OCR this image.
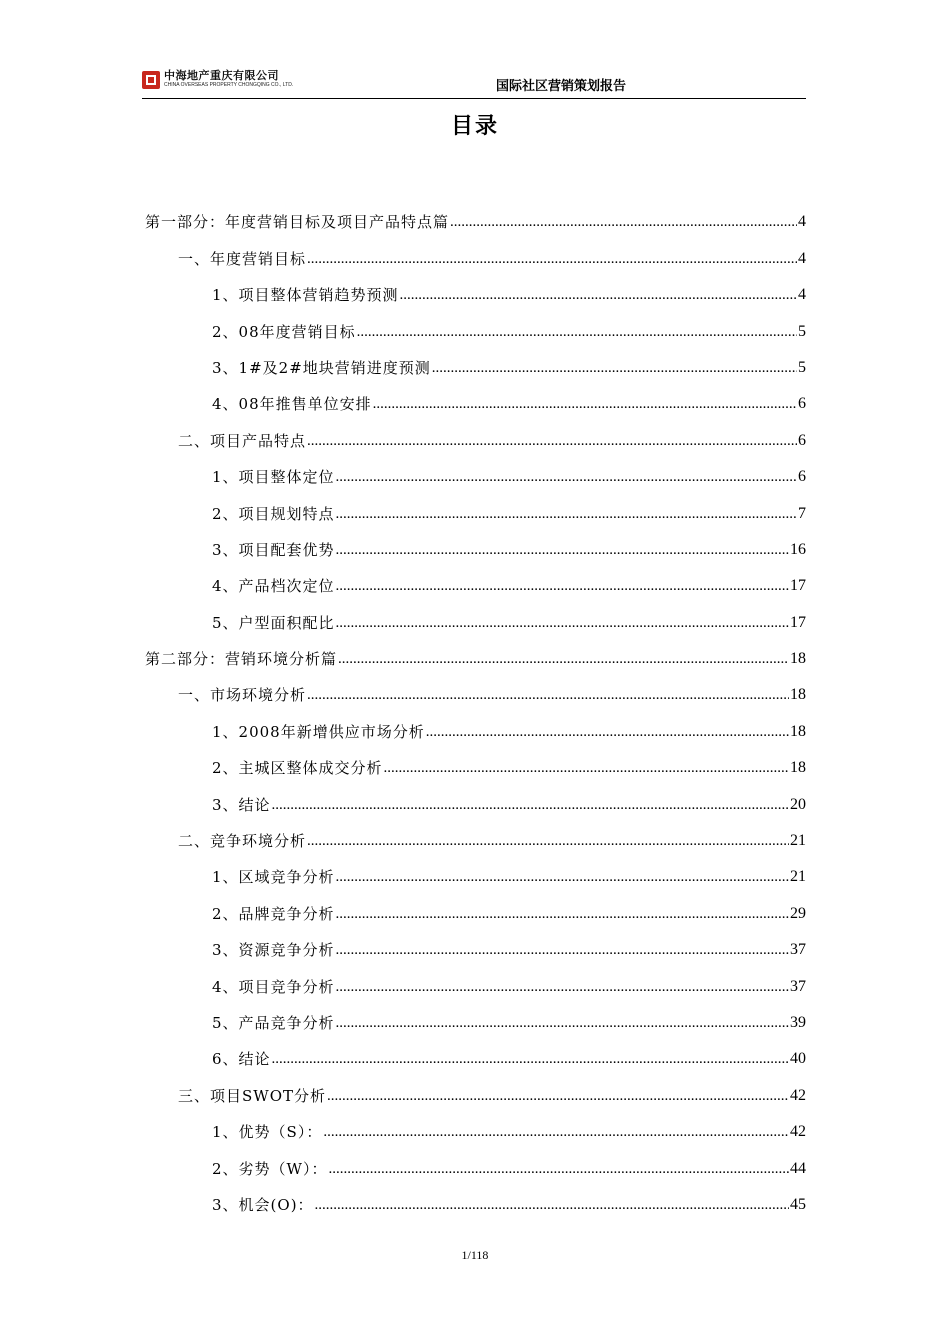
中海地产重庆有限公司
CHINA OVERSEAS PROPERTY CHONGQING CO., LTD.	国际社区营销策划报告
目录
第一部分：年度营销目标及项目产品特点篇 .....	4
一、年度营销目标 .....	4
1、项目整体营销趋势预测 .....	4
2、08年度营销目标 .....	5
3、1#及2#地块营销进度预测 .....	5
4、08年推售单位安排 .....	6
二、项目产品特点 .....	6
1、项目整体定位 .....	6
2、项目规划特点 .....	7
3、项目配套优势 .....	16
4、产品档次定位 .....	17
5、户型面积配比 .....	17
第二部分：营销环境分析篇 .....	18
一、市场环境分析 .....	18
1、2008年新增供应市场分析 .....	18
2、主城区整体成交分析 .....	18
3、结论 .....	20
二、竞争环境分析 .....	21
1、区域竞争分析 .....	21
2、品牌竞争分析 .....	29
3、资源竞争分析 .....	37
4、项目竞争分析 .....	37
5、产品竞争分析 .....	39
6、结论 .....	40
三、项目SWOT分析 .....	42
1、优势（S）： .....	42
2、劣势（W）： .....	44
3、机会(O)： .....	45
1/118
